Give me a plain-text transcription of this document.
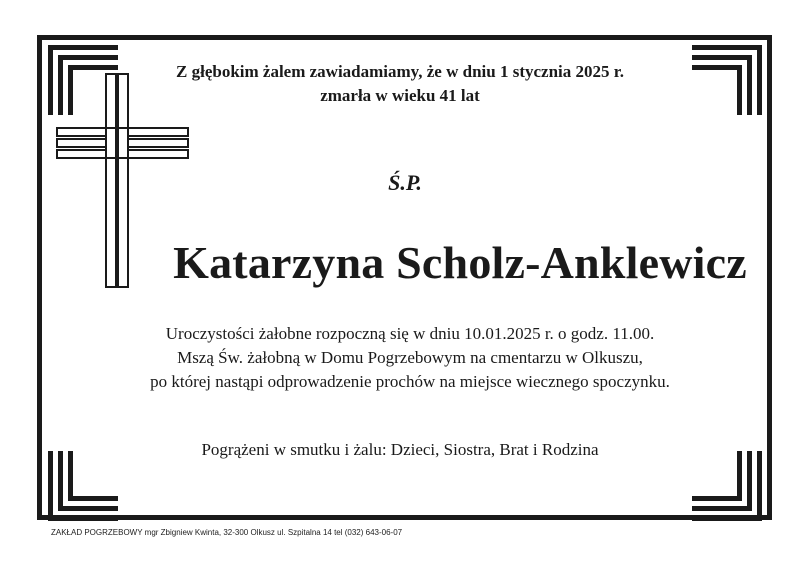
Z głębokim żalem zawiadamiamy, że w dniu 1 stycznia 2025 r.
zmarła w wieku 41 lat
Ś.P.
Katarzyna Scholz-Anklewicz
Uroczystości żałobne rozpoczną się w dniu 10.01.2025 r. o godz. 11.00.
Mszą Św. żałobną w Domu Pogrzebowym na cmentarzu w Olkuszu,
po której nastąpi odprowadzenie prochów na miejsce wiecznego spoczynku.
Pogrążeni w smutku i żalu: Dzieci, Siostra, Brat i Rodzina
ZAKŁAD POGRZEBOWY mgr Zbigniew Kwinta, 32-300 Olkusz ul. Szpitalna 14 tel (032) 643-06-07
